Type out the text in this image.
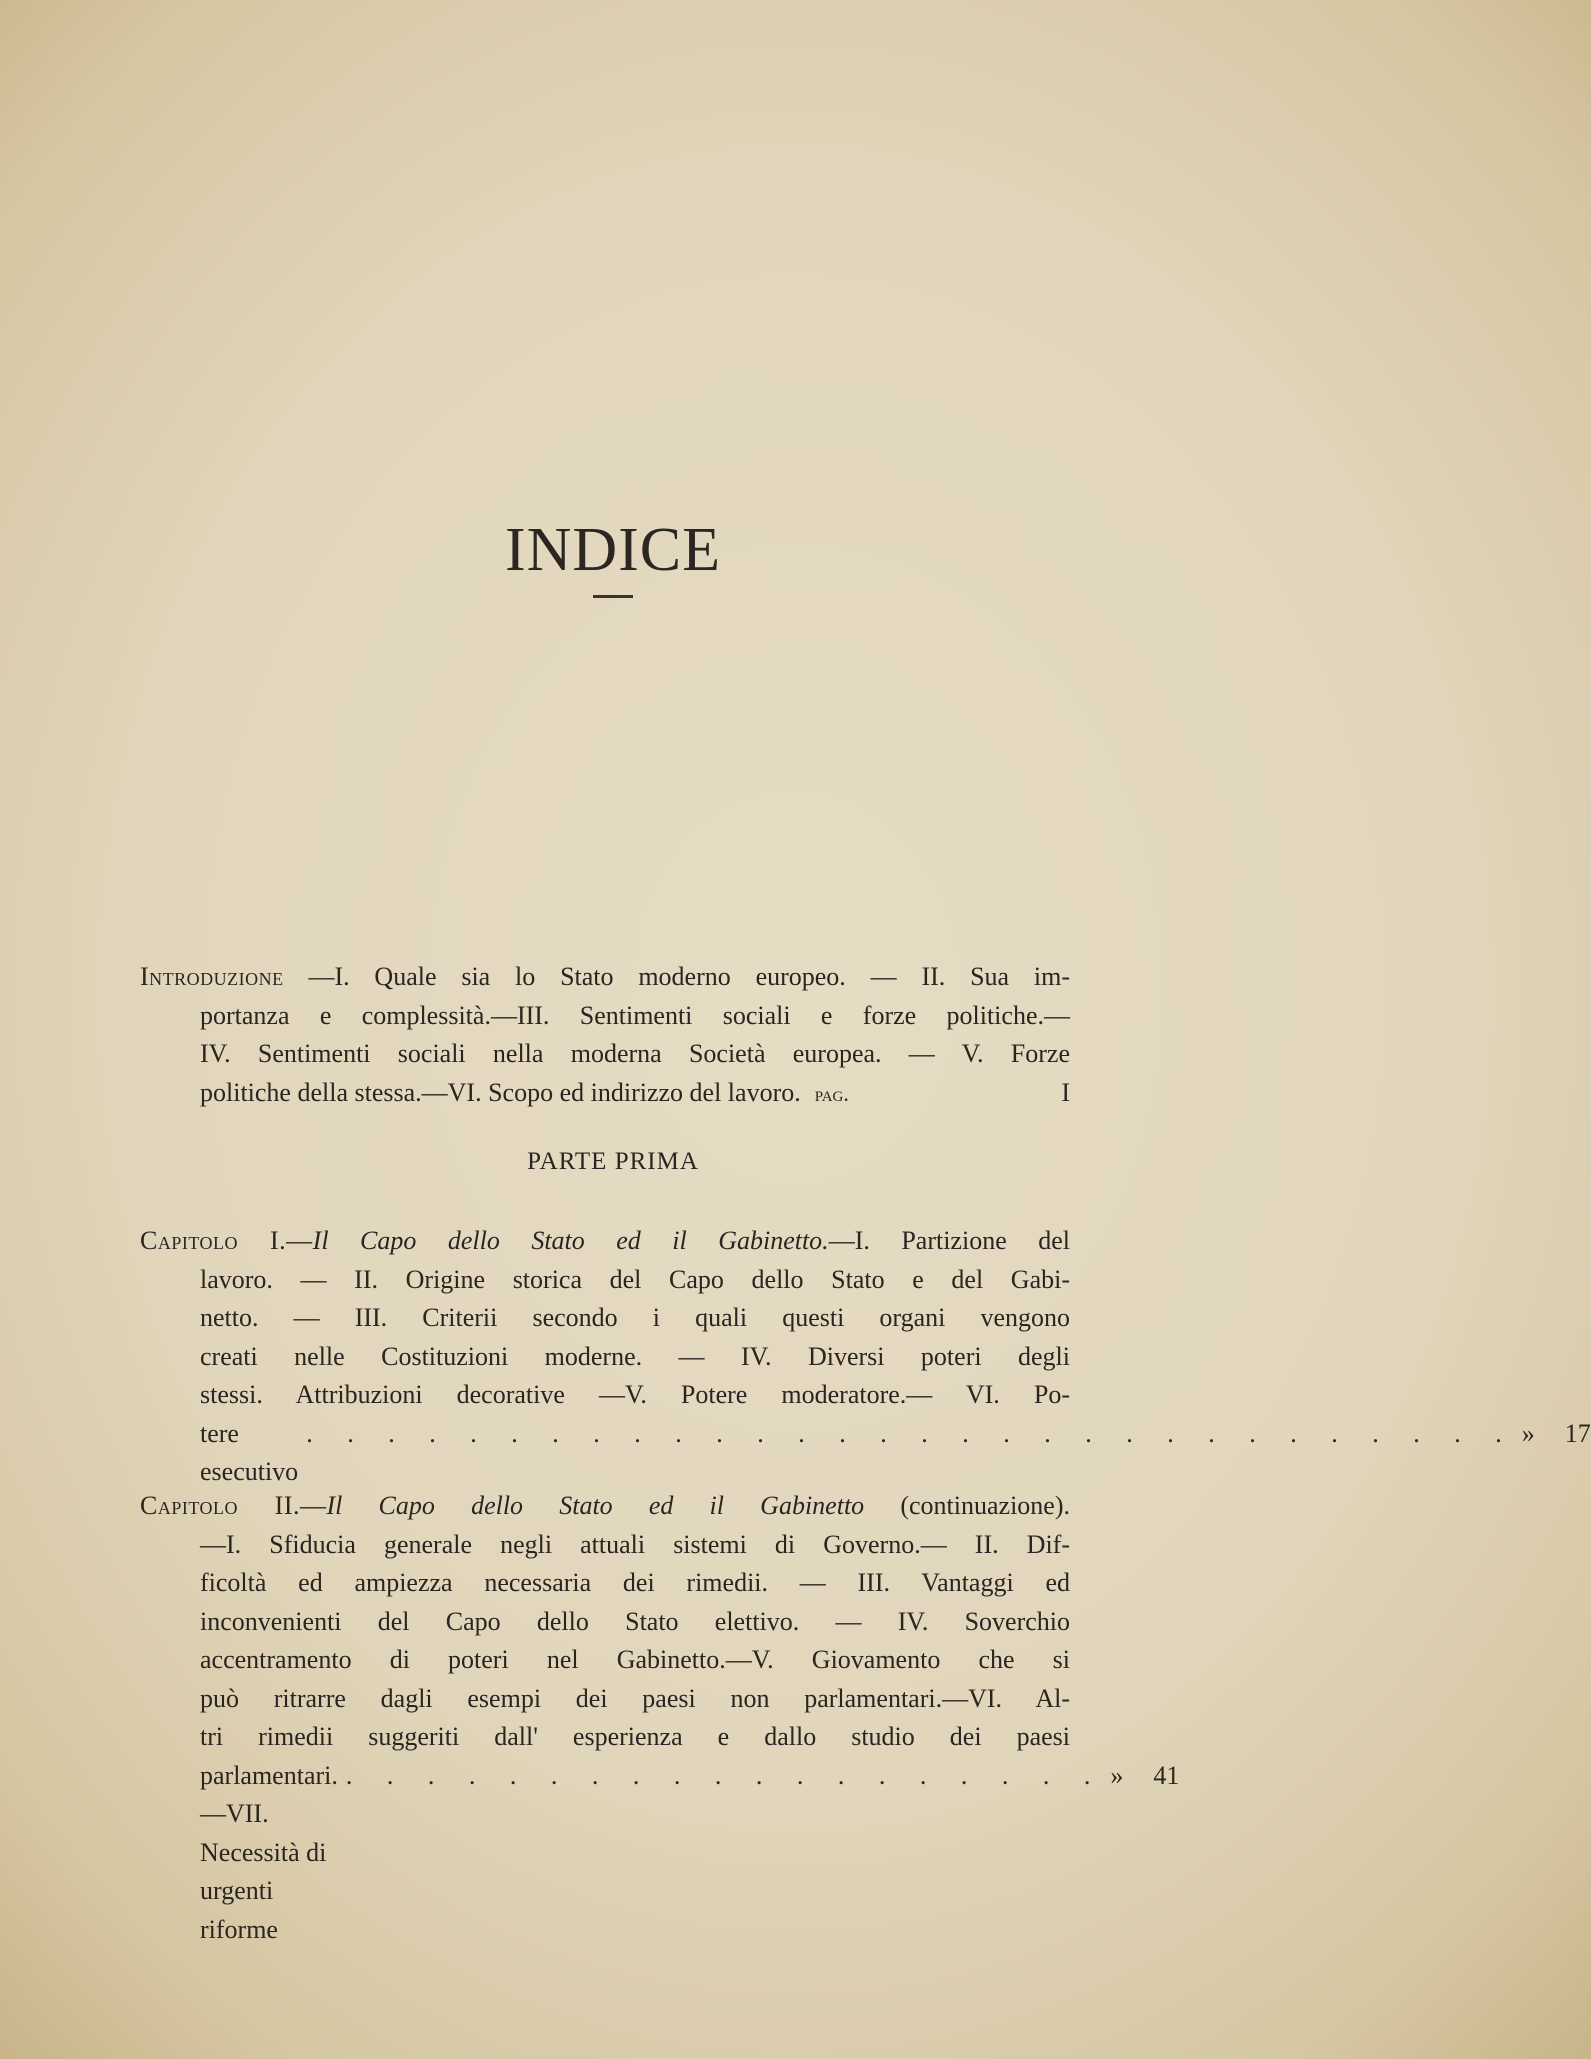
INDICE
Introduzione —I. Quale sia lo Stato moderno europeo. — II. Sua im-
portanza e complessità.—III. Sentimenti sociali e forze politiche.—
IV. Sentimenti sociali nella moderna Società europea. — V. Forze
politiche della stessa.—VI. Scopo ed indirizzo del lavoro. pag.	I
PARTE PRIMA
Capitolo I.—Il Capo dello Stato ed il Gabinetto.—I. Partizione del
lavoro. — II. Origine storica del Capo dello Stato e del Gabi-
netto. — III. Criterii secondo i quali questi organi vengono
creati nelle Costituzioni moderne. — IV. Diversi poteri degli
stessi. Attribuzioni decorative —V. Potere moderatore.— VI. Po-
tere esecutivo
. . . . . . . . . . . . . . . . . . . . . . . . . . . . . . » 17
Capitolo II.—Il Capo dello Stato ed il Gabinetto (continuazione).
—I. Sfiducia generale negli attuali sistemi di Governo.— II. Dif-
ficoltà ed ampiezza necessaria dei rimedii. — III. Vantaggi ed
inconvenienti del Capo dello Stato elettivo. — IV. Soverchio
accentramento di poteri nel Gabinetto.—V. Giovamento che si
può ritrarre dagli esempi dei paesi non parlamentari.—VI. Al-
tri rimedii suggeriti dall' esperienza e dallo studio dei paesi
parlamentari.—VII. Necessità di urgenti riforme
. . . . . . . . . . . . . . . . . . . » 41
